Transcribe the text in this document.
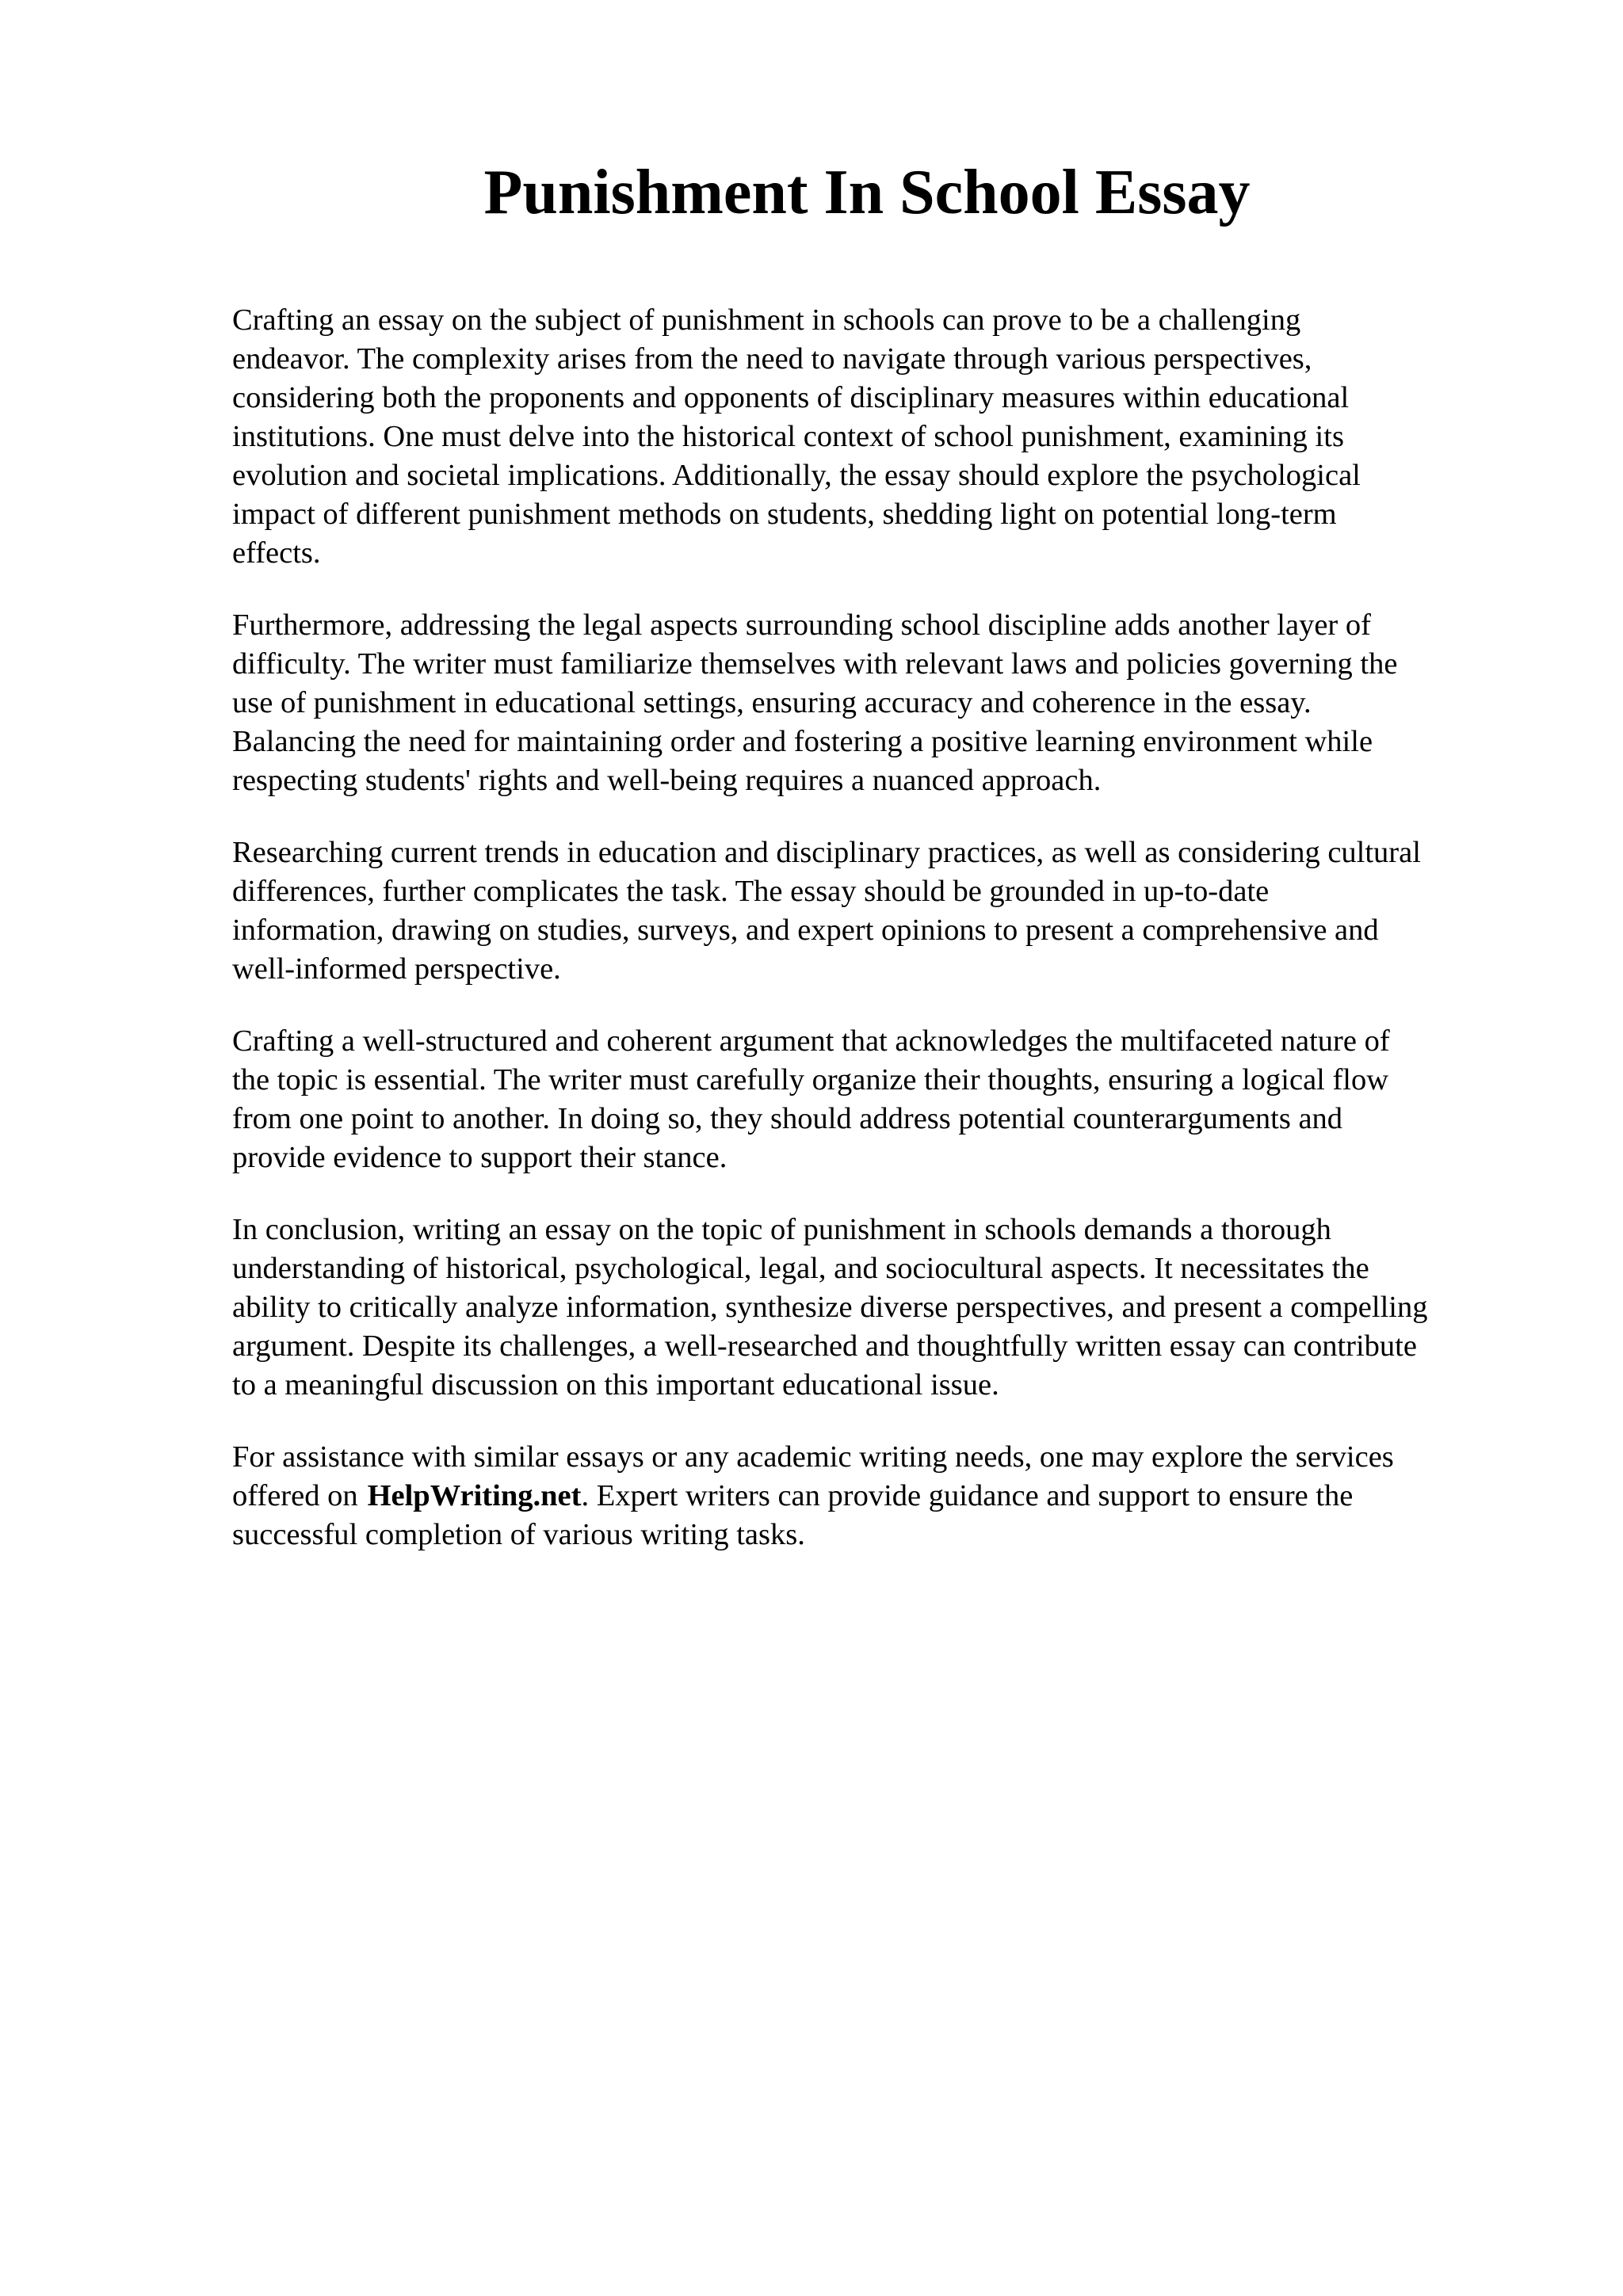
Punishment In School Essay

Crafting an essay on the subject of punishment in schools can prove to be a challenging
endeavor. The complexity arises from the need to navigate through various perspectives,
considering both the proponents and opponents of disciplinary measures within educational
institutions. One must delve into the historical context of school punishment, examining its
evolution and societal implications. Additionally, the essay should explore the psychological
impact of different punishment methods on students, shedding light on potential long-term
effects.

Furthermore, addressing the legal aspects surrounding school discipline adds another layer of
difficulty. The writer must familiarize themselves with relevant laws and policies governing the
use of punishment in educational settings, ensuring accuracy and coherence in the essay.
Balancing the need for maintaining order and fostering a positive learning environment while
respecting students' rights and well-being requires a nuanced approach.

Researching current trends in education and disciplinary practices, as well as considering cultural
differences, further complicates the task. The essay should be grounded in up-to-date
information, drawing on studies, surveys, and expert opinions to present a comprehensive and
well-informed perspective.

Crafting a well-structured and coherent argument that acknowledges the multifaceted nature of
the topic is essential. The writer must carefully organize their thoughts, ensuring a logical flow
from one point to another. In doing so, they should address potential counterarguments and
provide evidence to support their stance.

In conclusion, writing an essay on the topic of punishment in schools demands a thorough
understanding of historical, psychological, legal, and sociocultural aspects. It necessitates the
ability to critically analyze information, synthesize diverse perspectives, and present a compelling
argument. Despite its challenges, a well-researched and thoughtfully written essay can contribute
to a meaningful discussion on this important educational issue.

For assistance with similar essays or any academic writing needs, one may explore the services
offered on HelpWriting.net. Expert writers can provide guidance and support to ensure the
successful completion of various writing tasks.
